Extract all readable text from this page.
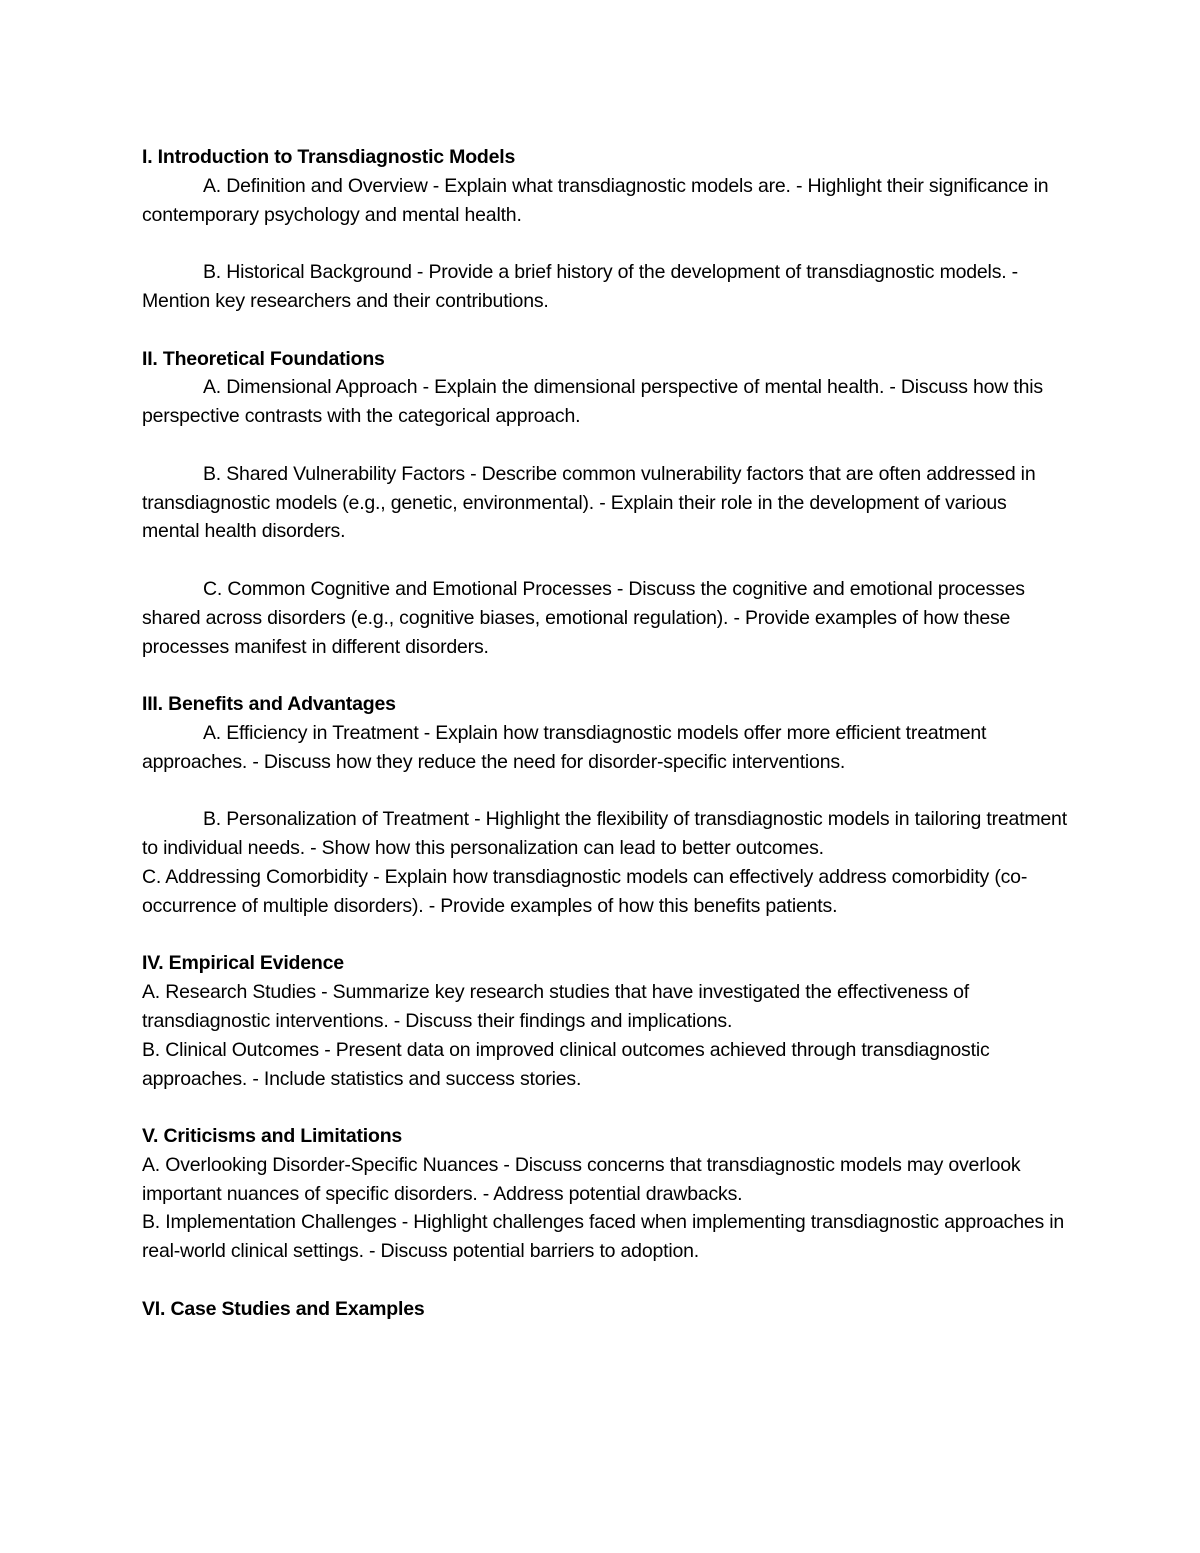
I. Introduction to Transdiagnostic Models

A. Definition and Overview - Explain what transdiagnostic models are. - Highlight their significance in contemporary psychology and mental health.

B. Historical Background - Provide a brief history of the development of transdiagnostic models. - Mention key researchers and their contributions.

II. Theoretical Foundations

A. Dimensional Approach - Explain the dimensional perspective of mental health. - Discuss how this perspective contrasts with the categorical approach.

B. Shared Vulnerability Factors - Describe common vulnerability factors that are often addressed in transdiagnostic models (e.g., genetic, environmental). - Explain their role in the development of various mental health disorders.

C. Common Cognitive and Emotional Processes - Discuss the cognitive and emotional processes shared across disorders (e.g., cognitive biases, emotional regulation). - Provide examples of how these processes manifest in different disorders.

III. Benefits and Advantages

A. Efficiency in Treatment - Explain how transdiagnostic models offer more efficient treatment approaches. - Discuss how they reduce the need for disorder-specific interventions.

B. Personalization of Treatment - Highlight the flexibility of transdiagnostic models in tailoring treatment to individual needs. - Show how this personalization can lead to better outcomes.

C. Addressing Comorbidity - Explain how transdiagnostic models can effectively address comorbidity (co-occurrence of multiple disorders). - Provide examples of how this benefits patients.

IV. Empirical Evidence

A. Research Studies - Summarize key research studies that have investigated the effectiveness of transdiagnostic interventions. - Discuss their findings and implications.

B. Clinical Outcomes - Present data on improved clinical outcomes achieved through transdiagnostic approaches. - Include statistics and success stories.

V. Criticisms and Limitations

A. Overlooking Disorder-Specific Nuances - Discuss concerns that transdiagnostic models may overlook important nuances of specific disorders. - Address potential drawbacks.

B. Implementation Challenges - Highlight challenges faced when implementing transdiagnostic approaches in real-world clinical settings. - Discuss potential barriers to adoption.

VI. Case Studies and Examples
